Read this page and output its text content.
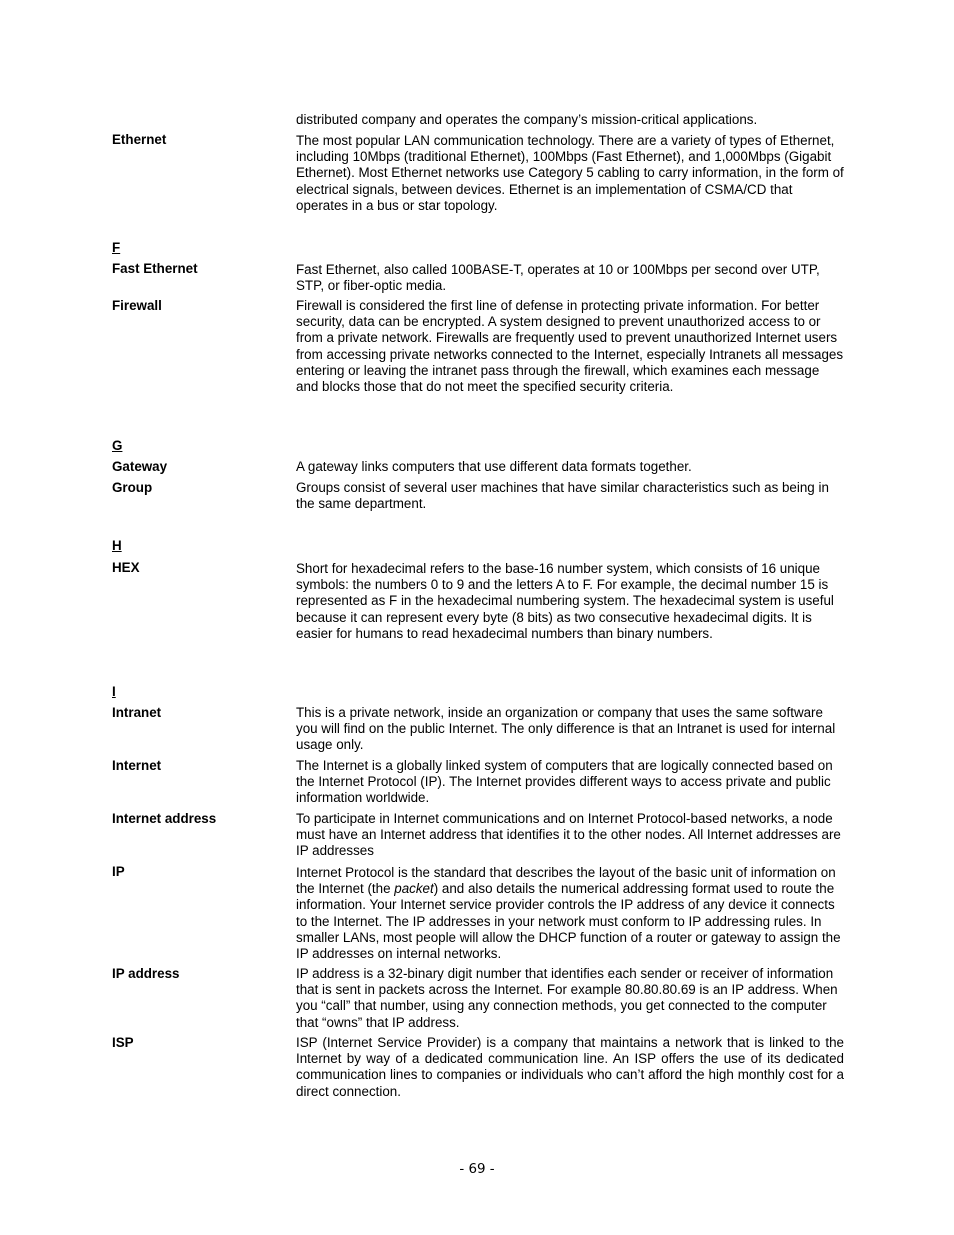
distributed company and operates the company’s mission-critical applications.

Ethernet	The most popular LAN communication technology. There are a variety of types of Ethernet, including 10Mbps (traditional Ethernet), 100Mbps (Fast Ethernet), and 1,000Mbps (Gigabit Ethernet). Most Ethernet networks use Category 5 cabling to carry information, in the form of electrical signals, between devices. Ethernet is an implementation of CSMA/CD that operates in a bus or star topology.

F

Fast Ethernet	Fast Ethernet, also called 100BASE-T, operates at 10 or 100Mbps per second over UTP, STP, or fiber-optic media.

Firewall	Firewall is considered the first line of defense in protecting private information. For better security, data can be encrypted. A system designed to prevent unauthorized access to or from a private network. Firewalls are frequently used to prevent unauthorized Internet users from accessing private networks connected to the Internet, especially Intranets all messages entering or leaving the intranet pass through the firewall, which examines each message and blocks those that do not meet the specified security criteria.

G

Gateway	A gateway links computers that use different data formats together.

Group	Groups consist of several user machines that have similar characteristics such as being in the same department.

H

HEX	Short for hexadecimal refers to the base-16 number system, which consists of 16 unique symbols: the numbers 0 to 9 and the letters A to F. For example, the decimal number 15 is represented as F in the hexadecimal numbering system. The hexadecimal system is useful because it can represent every byte (8 bits) as two consecutive hexadecimal digits. It is easier for humans to read hexadecimal numbers than binary numbers.

I

Intranet	This is a private network, inside an organization or company that uses the same software you will find on the public Internet. The only difference is that an Intranet is used for internal usage only.

Internet	The Internet is a globally linked system of computers that are logically connected based on the Internet Protocol (IP). The Internet provides different ways to access private and public information worldwide.

Internet address	To participate in Internet communications and on Internet Protocol-based networks, a node must have an Internet address that identifies it to the other nodes. All Internet addresses are IP addresses

IP	Internet Protocol is the standard that describes the layout of the basic unit of information on the Internet (the packet) and also details the numerical addressing format used to route the information. Your Internet service provider controls the IP address of any device it connects to the Internet. The IP addresses in your network must conform to IP addressing rules. In smaller LANs, most people will allow the DHCP function of a router or gateway to assign the IP addresses on internal networks.

IP address	IP address is a 32-binary digit number that identifies each sender or receiver of information that is sent in packets across the Internet. For example 80.80.80.69 is an IP address. When you “call” that number, using any connection methods, you get connected to the computer that “owns” that IP address.

ISP	ISP (Internet Service Provider) is a company that maintains a network that is linked to the Internet by way of a dedicated communication line. An ISP offers the use of its dedicated communication lines to companies or individuals who can’t afford the high monthly cost for a direct connection.

- 69 -
